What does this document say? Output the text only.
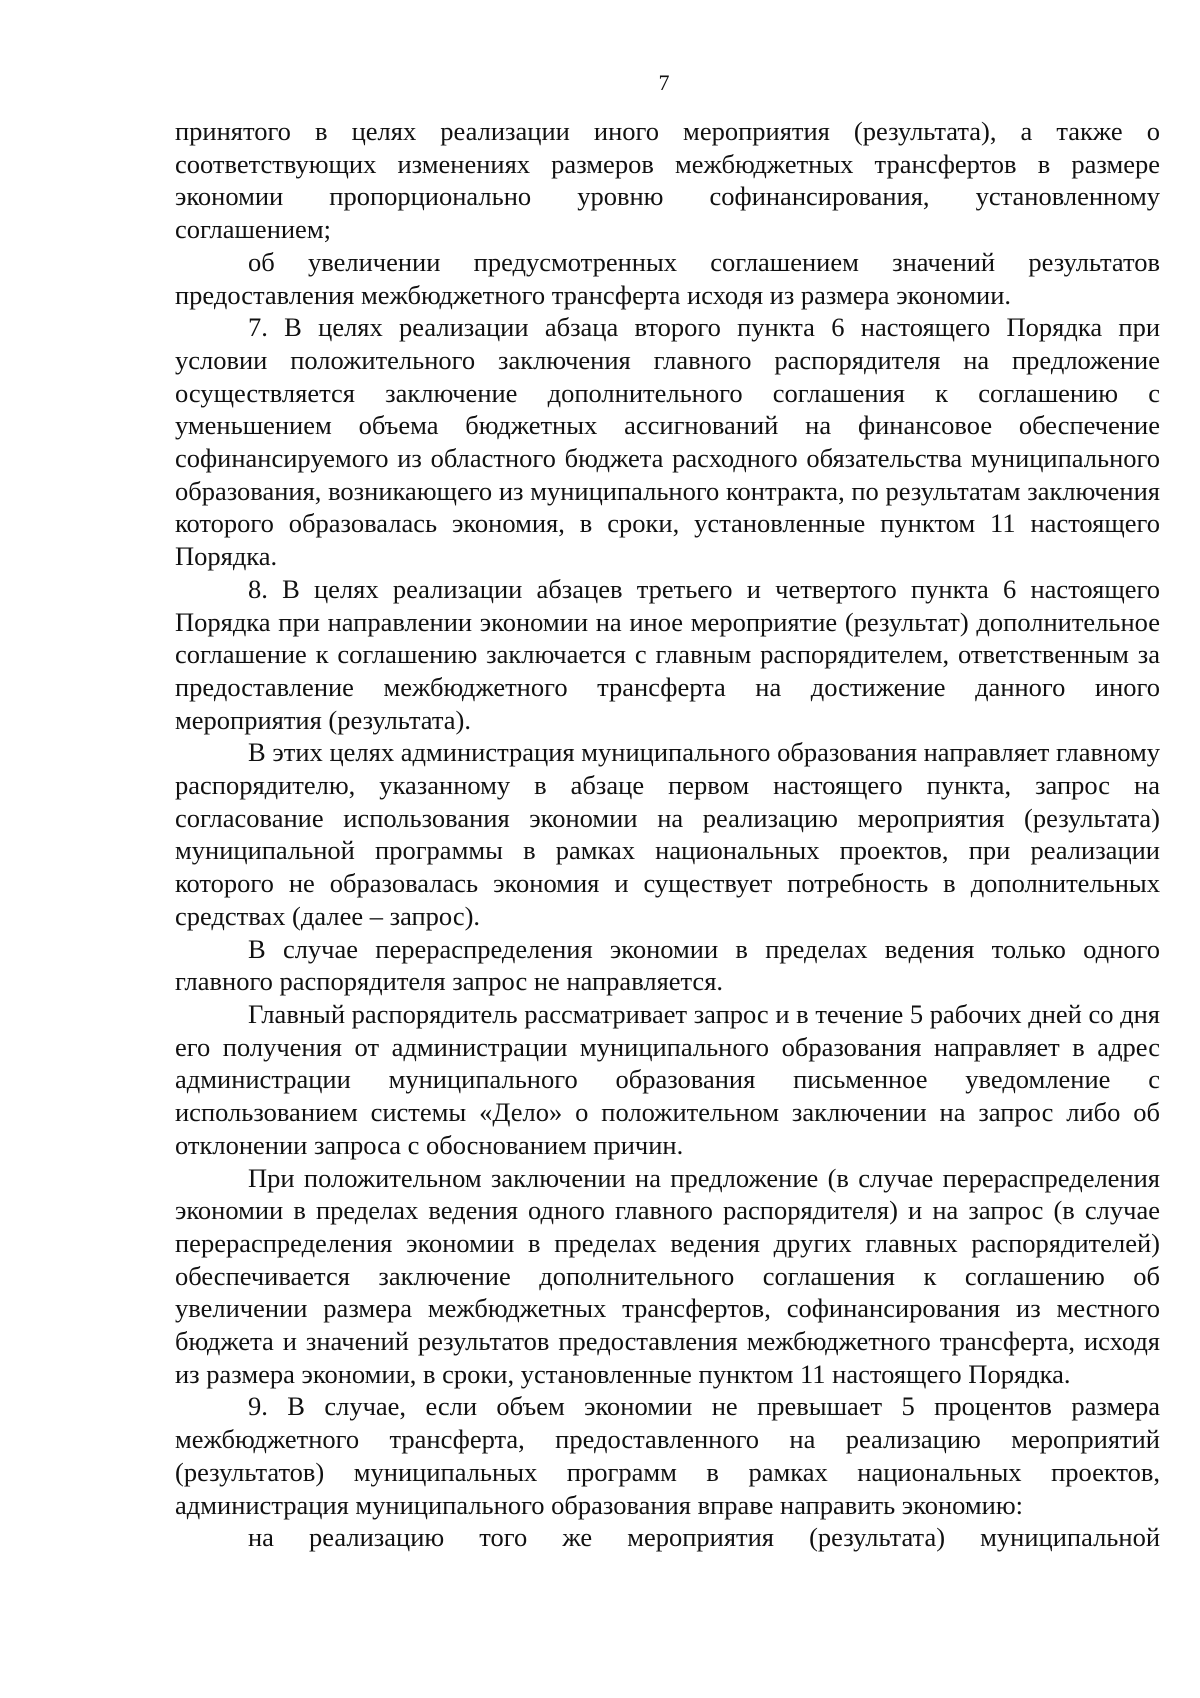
7

принятого в целях реализации иного мероприятия (результата), а также о соответствующих изменениях размеров межбюджетных трансфертов в размере экономии пропорционально уровню софинансирования, установленному соглашением;

об увеличении предусмотренных соглашением значений результатов предоставления межбюджетного трансферта исходя из размера экономии.

7. В целях реализации абзаца второго пункта 6 настоящего Порядка при условии положительного заключения главного распорядителя на предложение осуществляется заключение дополнительного соглашения к соглашению с уменьшением объема бюджетных ассигнований на финансовое обеспечение софинансируемого из областного бюджета расходного обязательства муниципального образования, возникающего из муниципального контракта, по результатам заключения которого образовалась экономия, в сроки, установленные пунктом 11 настоящего Порядка.

8. В целях реализации абзацев третьего и четвертого пункта 6 настоящего Порядка при направлении экономии на иное мероприятие (результат) дополнительное соглашение к соглашению заключается с главным распорядителем, ответственным за предоставление межбюджетного трансферта на достижение данного иного мероприятия (результата).

В этих целях администрация муниципального образования направляет главному распорядителю, указанному в абзаце первом настоящего пункта, запрос на согласование использования экономии на реализацию мероприятия (результата) муниципальной программы в рамках национальных проектов, при реализации которого не образовалась экономия и существует потребность в дополнительных средствах (далее – запрос).

В случае перераспределения экономии в пределах ведения только одного главного распорядителя запрос не направляется.

Главный распорядитель рассматривает запрос и в течение 5 рабочих дней со дня его получения от администрации муниципального образования направляет в адрес администрации муниципального образования письменное уведомление с использованием системы «Дело» о положительном заключении на запрос либо об отклонении запроса с обоснованием причин.

При положительном заключении на предложение (в случае перераспределения экономии в пределах ведения одного главного распорядителя) и на запрос (в случае перераспределения экономии в пределах ведения других главных распорядителей) обеспечивается заключение дополнительного соглашения к соглашению об увеличении размера межбюджетных трансфертов, софинансирования из местного бюджета и значений результатов предоставления межбюджетного трансферта, исходя из размера экономии, в сроки, установленные пунктом 11 настоящего Порядка.

9. В случае, если объем экономии не превышает 5 процентов размера межбюджетного трансферта, предоставленного на реализацию мероприятий (результатов) муниципальных программ в рамках национальных проектов, администрация муниципального образования вправе направить экономию:

на реализацию того же мероприятия (результата) муниципальной
